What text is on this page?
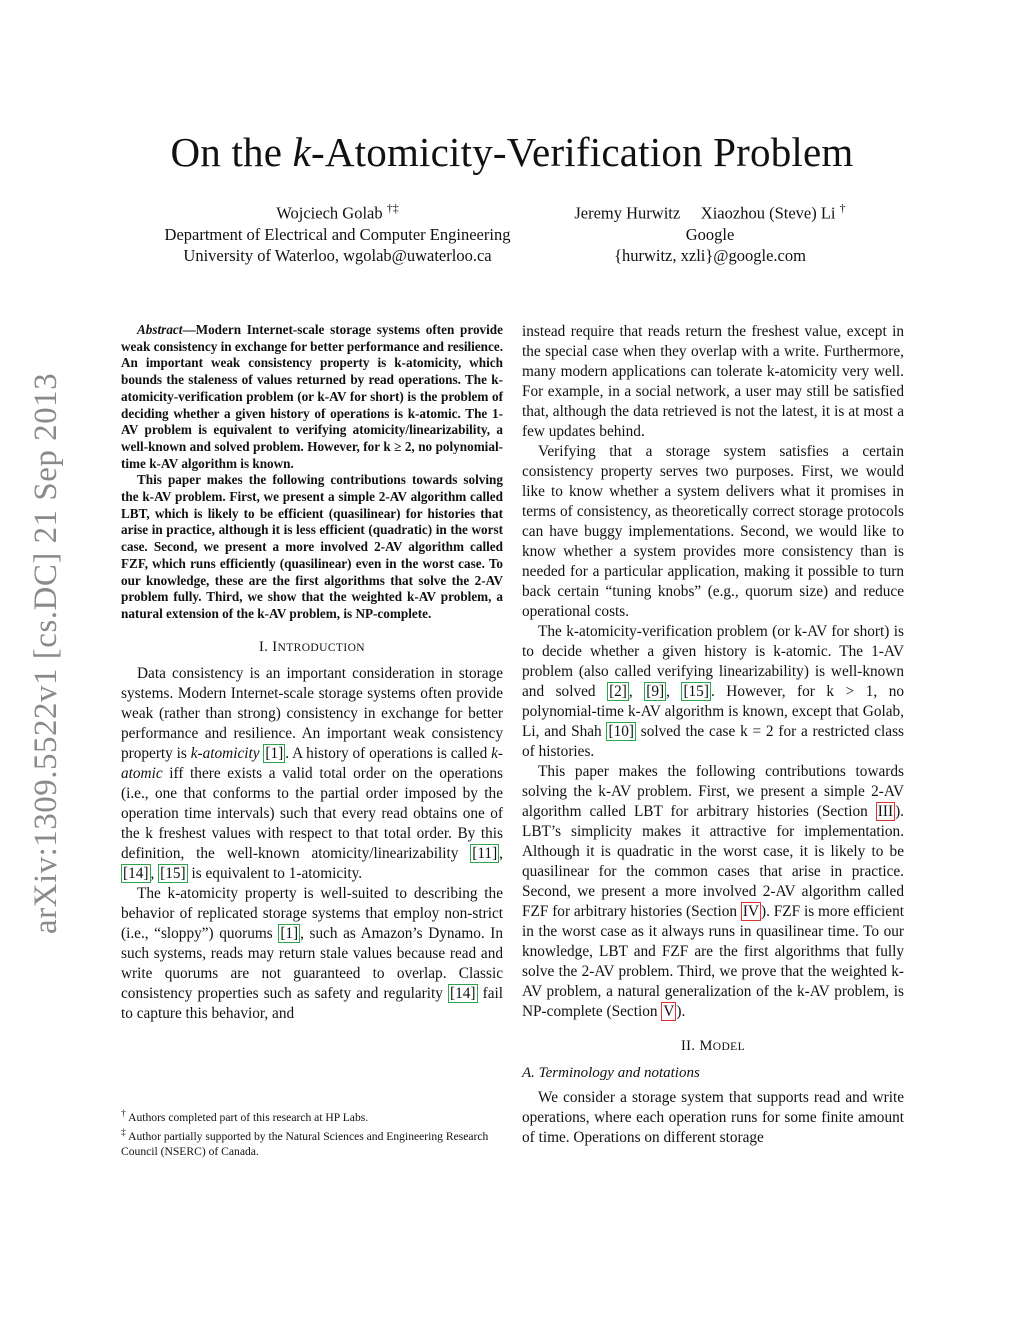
arXiv:1309.5522v1 [cs.DC] 21 Sep 2013
On the k-Atomicity-Verification Problem
Wojciech Golab †‡
Department of Electrical and Computer Engineering
University of Waterloo, wgolab@uwaterloo.ca
Jeremy Hurwitz     Xiaozhou (Steve) Li †
Google
{hurwitz, xzli}@google.com

Abstract—Modern Internet-scale storage systems often provide weak consistency in exchange for better performance and resilience. An important weak consistency property is k-atomicity, which bounds the staleness of values returned by read operations. The k-atomicity-verification problem (or k-AV for short) is the problem of deciding whether a given history of operations is k-atomic. The 1-AV problem is equivalent to verifying atomicity/linearizability, a well-known and solved problem. However, for k ≥ 2, no polynomial-time k-AV algorithm is known.

This paper makes the following contributions towards solving the k-AV problem. First, we present a simple 2-AV algorithm called LBT, which is likely to be efficient (quasilinear) for histories that arise in practice, although it is less efficient (quadratic) in the worst case. Second, we present a more involved 2-AV algorithm called FZF, which runs efficiently (quasilinear) even in the worst case. To our knowledge, these are the first algorithms that solve the 2-AV problem fully. Third, we show that the weighted k-AV problem, a natural extension of the k-AV problem, is NP-complete.

I. INTRODUCTION

Data consistency is an important consideration in storage systems. Modern Internet-scale storage systems often provide weak (rather than strong) consistency in exchange for better performance and resilience. An important weak consistency property is k-atomicity [1] . A history of operations is called k-atomic iff there exists a valid total order on the operations (i.e., one that conforms to the partial order imposed by the operation time intervals) such that every read obtains one of the k freshest values with respect to that total order. By this definition, the well-known atomicity/linearizability [11] , [14] , [15] is equivalent to 1-atomicity.

The k-atomicity property is well-suited to describing the behavior of replicated storage systems that employ non-strict (i.e., “sloppy”) quorums [1] , such as Amazon’s Dynamo. In such systems, reads may return stale values because read and write quorums are not guaranteed to overlap. Classic consistency properties such as safety and regularity [14] fail to capture this behavior, and

† Authors completed part of this research at HP Labs.
‡ Author partially supported by the Natural Sciences and Engineering Research Council (NSERC) of Canada.

instead require that reads return the freshest value, except in the special case when they overlap with a write. Furthermore, many modern applications can tolerate k-atomicity very well. For example, in a social network, a user may still be satisfied that, although the data retrieved is not the latest, it is at most a few updates behind.

Verifying that a storage system satisfies a certain consistency property serves two purposes. First, we would like to know whether a system delivers what it promises in terms of consistency, as theoretically correct storage protocols can have buggy implementations. Second, we would like to know whether a system provides more consistency than is needed for a particular application, making it possible to turn back certain “tuning knobs” (e.g., quorum size) and reduce operational costs.

The k-atomicity-verification problem (or k-AV for short) is to decide whether a given history is k-atomic. The 1-AV problem (also called verifying linearizability) is well-known and solved [2] , [9] , [15] . However, for k > 1, no polynomial-time k-AV algorithm is known, except that Golab, Li, and Shah [10] solved the case k = 2 for a restricted class of histories.

This paper makes the following contributions towards solving the k-AV problem. First, we present a simple 2-AV algorithm called LBT for arbitrary histories (Section III ). LBT’s simplicity makes it attractive for implementation. Although it is quadratic in the worst case, it is likely to be quasilinear for the common cases that arise in practice. Second, we present a more involved 2-AV algorithm called FZF for arbitrary histories (Section IV ). FZF is more efficient in the worst case as it always runs in quasilinear time. To our knowledge, LBT and FZF are the first algorithms that fully solve the 2-AV problem. Third, we prove that the weighted k-AV problem, a natural generalization of the k-AV problem, is NP-complete (Section V ).

II. MODEL
A. Terminology and notations

We consider a storage system that supports read and write operations, where each operation runs for some finite amount of time. Operations on different storage
